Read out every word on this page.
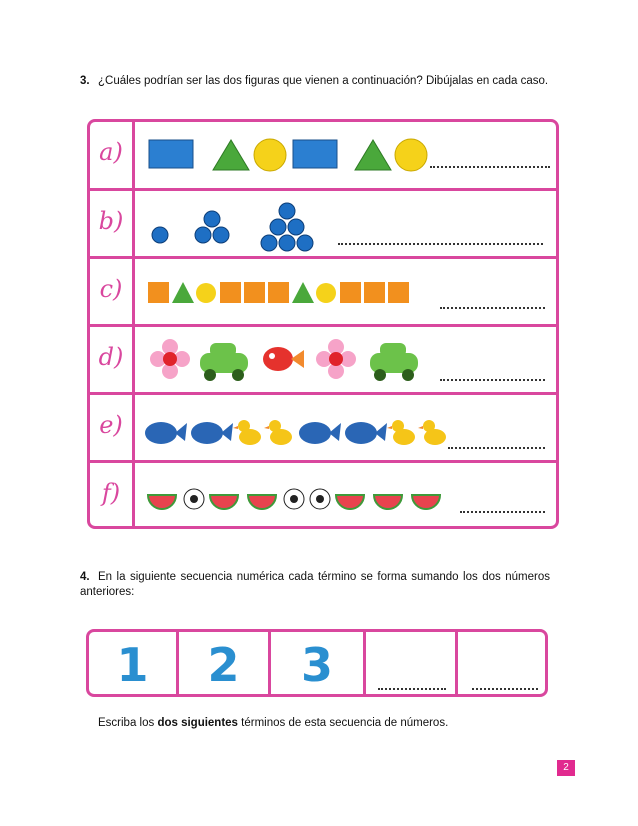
3. ¿Cuáles podrían ser las dos figuras que vienen a continuación? Dibújalas en cada caso.
a)
b)
c)
d)
e)
f)
4. En la siguiente secuencia numérica cada término se forma sumando los dos números anteriores:
1	2	3
Escriba los dos siguientes términos de esta secuencia de números.
2
